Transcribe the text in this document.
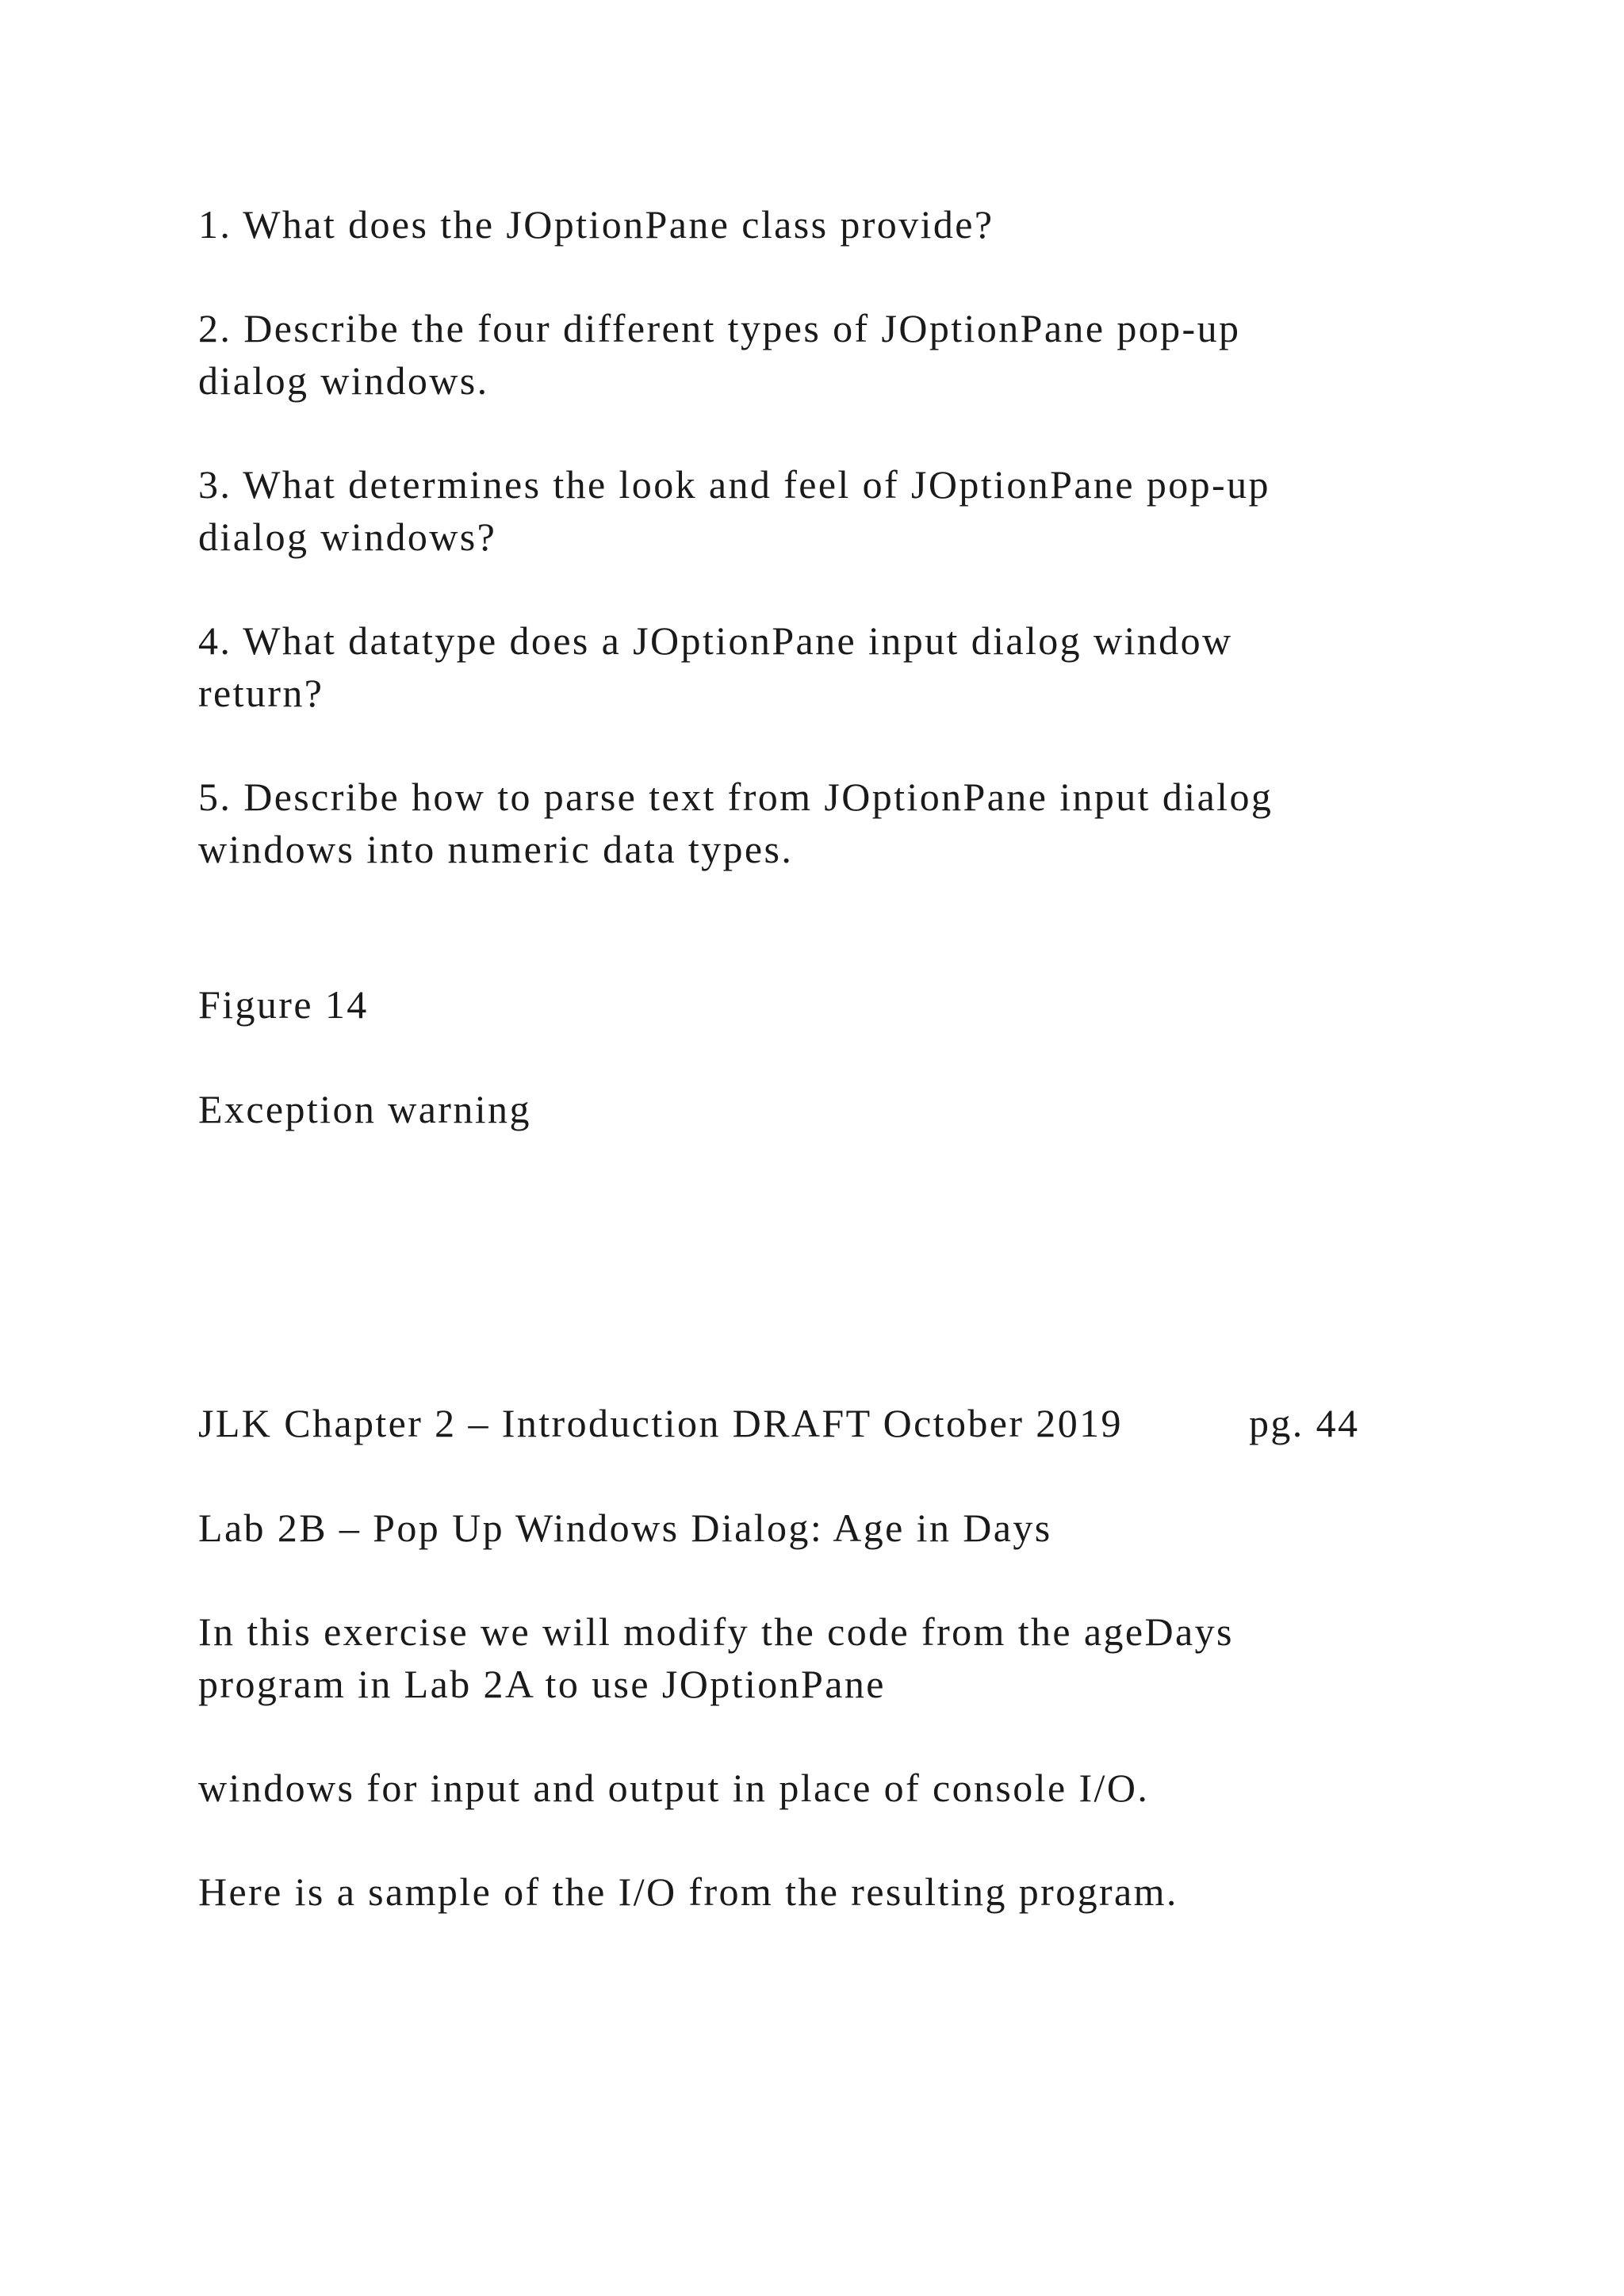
1. What does the JOptionPane class provide?
2. Describe the four different types of JOptionPane pop-up
dialog windows.
3. What determines the look and feel of JOptionPane pop-up
dialog windows?
4. What datatype does a JOptionPane input dialog window
return?
5. Describe how to parse text from JOptionPane input dialog
windows into numeric data types.
Figure 14
Exception warning
JLK Chapter 2 – Introduction DRAFT October 2019	pg. 44
Lab 2B – Pop Up Windows Dialog: Age in Days
In this exercise we will modify the code from the ageDays
program in Lab 2A to use JOptionPane
windows for input and output in place of console I/O.
Here is a sample of the I/O from the resulting program.
